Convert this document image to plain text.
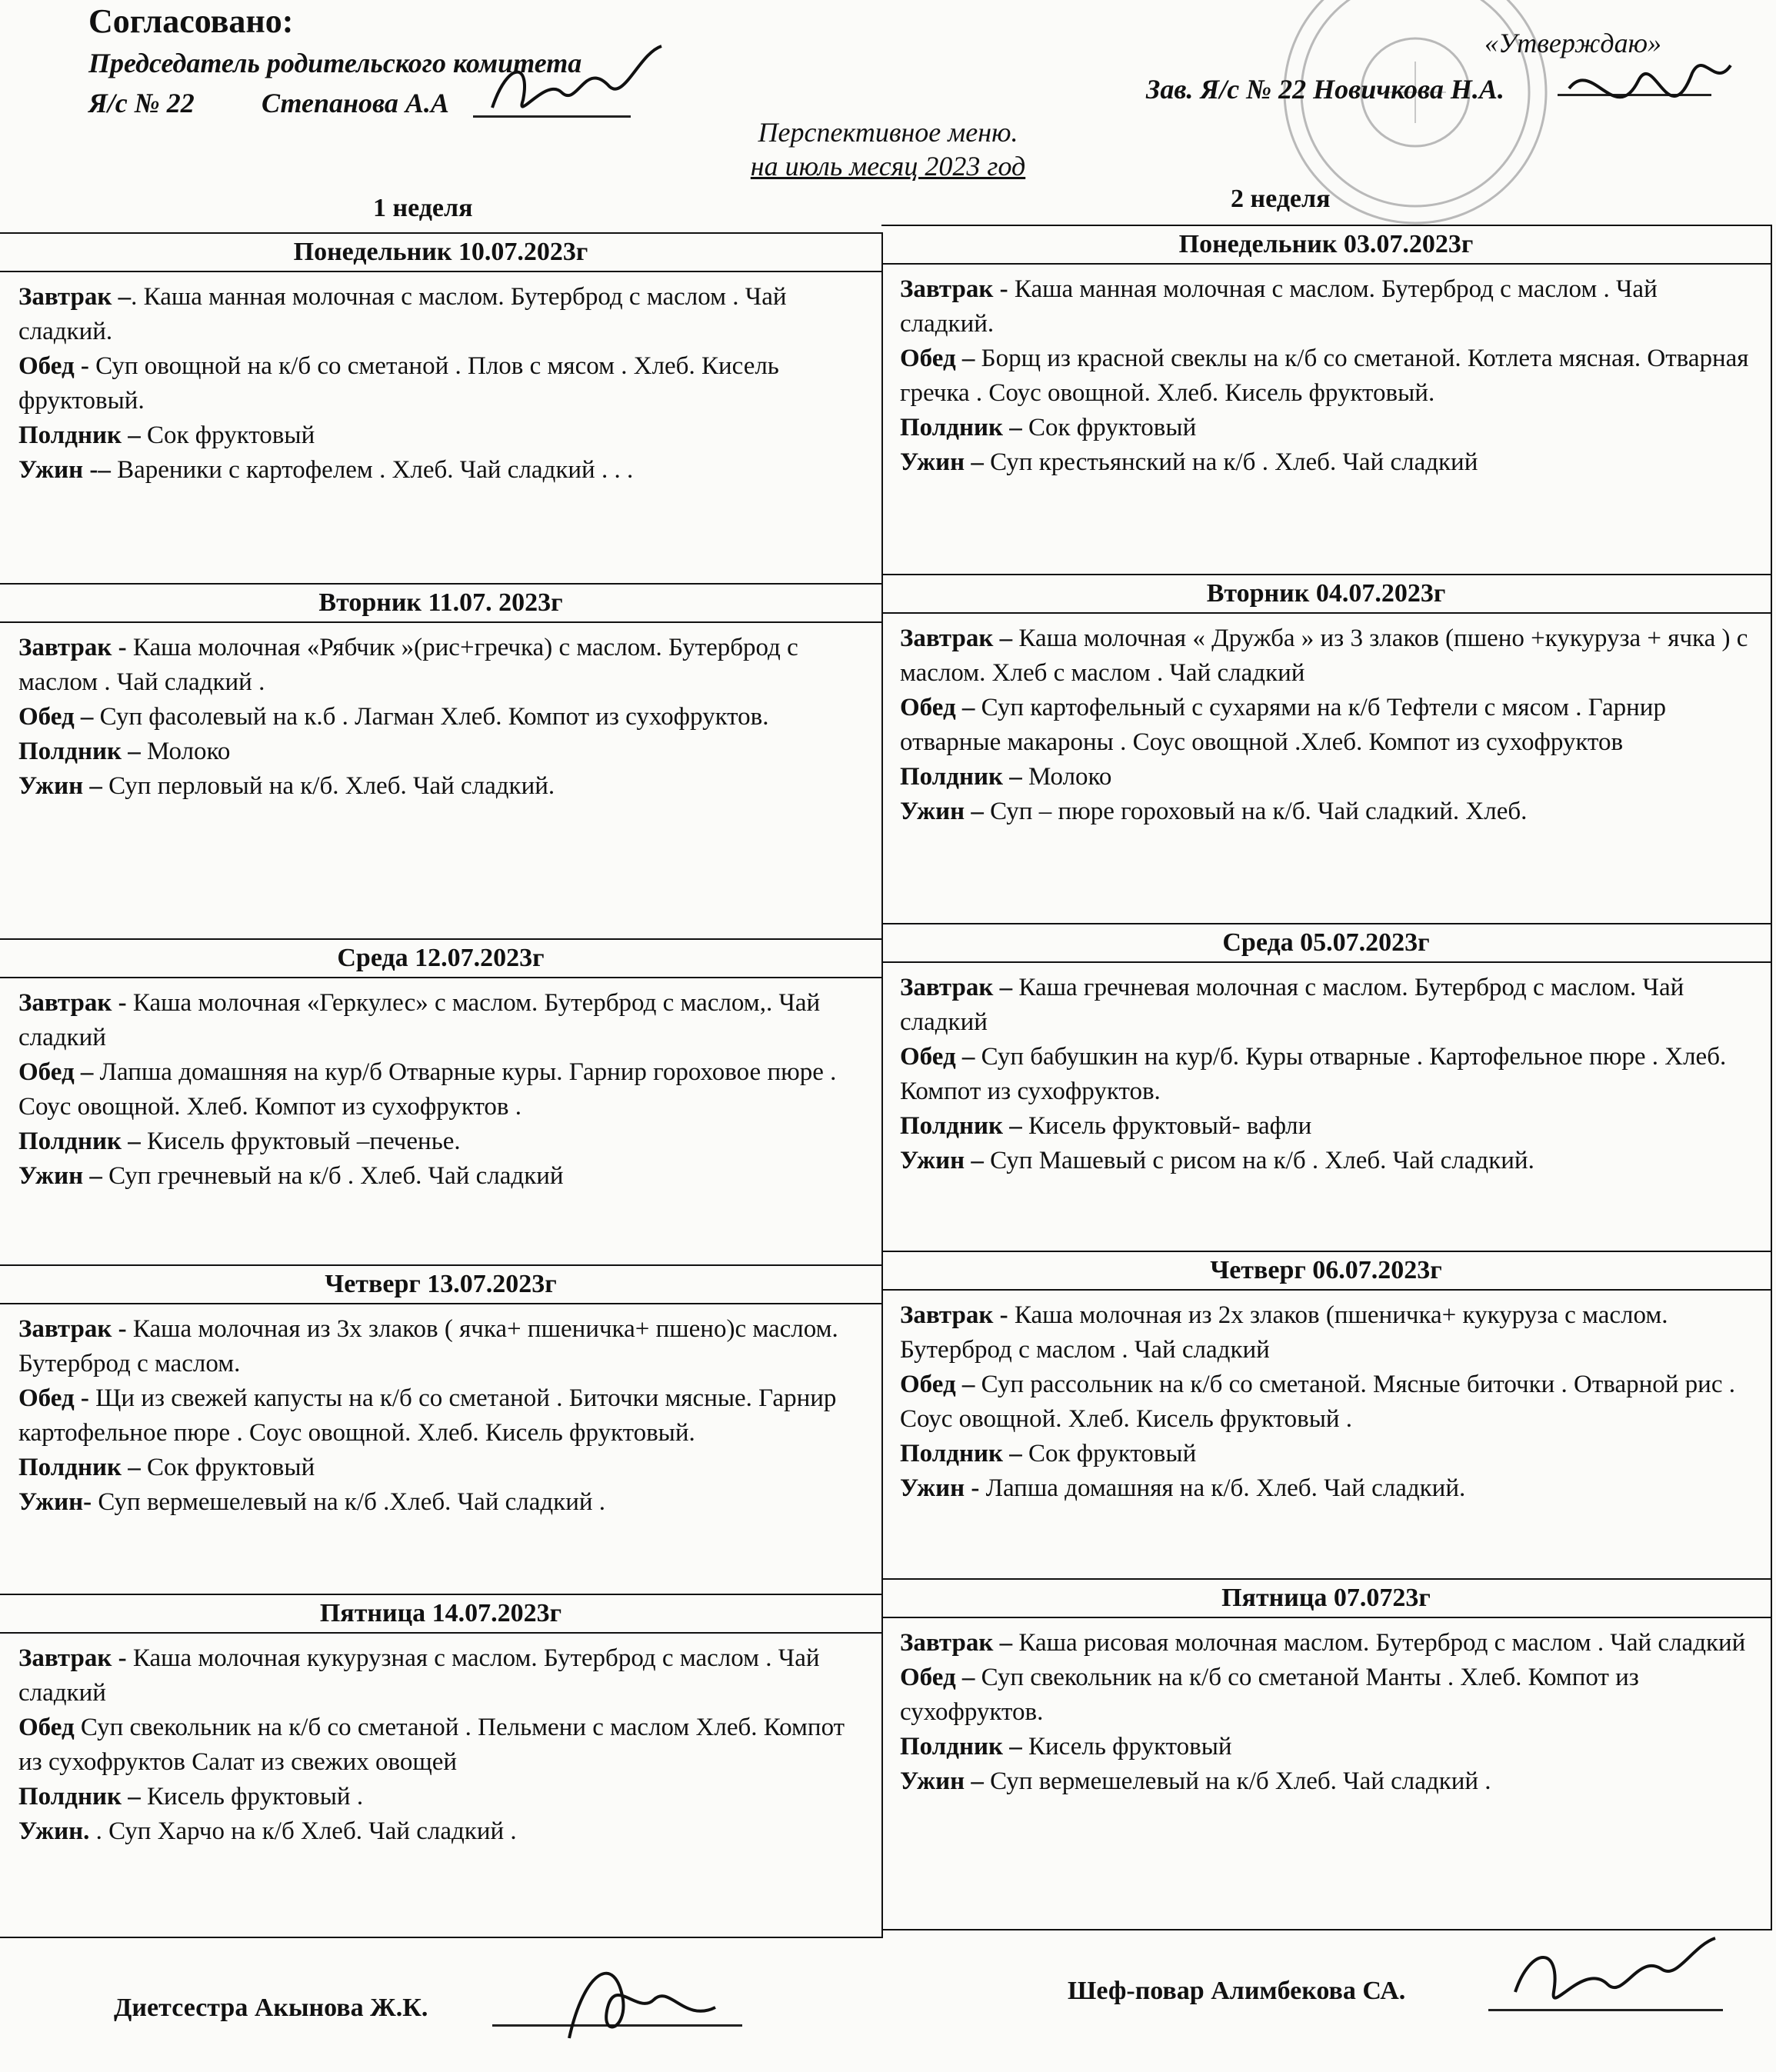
Согласовано:
Председатель родительского комитета
Я/с № 22 Степанова А.А
«Утверждаю»
Зав. Я/с № 22 Новичкова Н.А.
Перспективное меню.
на июль месяц 2023 год
1 неделя	2 неделя
Понедельник 10.07.2023г

Завтрак –. Каша манная молочная с маслом. Бутерброд с маслом . Чай сладкий.

Обед - Суп овощной на к/б со сметаной . Плов с мясом . Хлеб. Кисель фруктовый.

Полдник – Сок фруктовый

Ужин -– Вареники с картофелем . Хлеб. Чай сладкий . . .

Вторник 11.07. 2023г

Завтрак - Каша молочная «Рябчик »(рис+гречка) с маслом. Бутерброд с маслом . Чай сладкий .

Обед – Суп фасолевый на к.б . Лагман Хлеб. Компот из сухофруктов.

Полдник – Молоко

Ужин – Суп перловый на к/б. Хлеб. Чай сладкий.

Среда 12.07.2023г

Завтрак - Каша молочная «Геркулес» с маслом. Бутерброд с маслом,. Чай сладкий

Обед – Лапша домашняя на кур/б Отварные куры. Гарнир гороховое пюре . Соус овощной. Хлеб. Компот из сухофруктов .

Полдник – Кисель фруктовый –печенье.

Ужин – Суп гречневый на к/б . Хлеб. Чай сладкий

Четверг 13.07.2023г

Завтрак - Каша молочная из 3х злаков ( ячка+ пшеничка+ пшено)с маслом. Бутерброд с маслом.

Обед - Щи из свежей капусты на к/б со сметаной . Биточки мясные. Гарнир картофельное пюре . Соус овощной. Хлеб. Кисель фруктовый.

Полдник – Сок фруктовый

Ужин- Суп вермешелевый на к/б .Хлеб. Чай сладкий .

Пятница 14.07.2023г

Завтрак - Каша молочная кукурузная с маслом. Бутерброд с маслом . Чай сладкий

Обед Суп свекольник на к/б со сметаной . Пельмени с маслом Хлеб. Компот из сухофруктов Салат из свежих овощей

Полдник – Кисель фруктовый .

Ужин. . Суп Харчо на к/б Хлеб. Чай сладкий .

Понедельник 03.07.2023г

Завтрак - Каша манная молочная с маслом. Бутерброд с маслом . Чай сладкий.

Обед – Борщ из красной свеклы на к/б со сметаной. Котлета мясная. Отварная гречка . Соус овощной. Хлеб. Кисель фруктовый.

Полдник – Сок фруктовый

Ужин – Суп крестьянский на к/б . Хлеб. Чай сладкий

Вторник 04.07.2023г

Завтрак – Каша молочная « Дружба » из 3 злаков (пшено +кукуруза + ячка ) с маслом. Хлеб с маслом . Чай сладкий

Обед – Суп картофельный с сухарями на к/б Тефтели с мясом . Гарнир отварные макароны . Соус овощной .Хлеб. Компот из сухофруктов

Полдник – Молоко

Ужин – Суп – пюре гороховый на к/б. Чай сладкий. Хлеб.

Среда 05.07.2023г

Завтрак – Каша гречневая молочная с маслом. Бутерброд с маслом. Чай сладкий

Обед – Суп бабушкин на кур/б. Куры отварные . Картофельное пюре . Хлеб. Компот из сухофруктов.

Полдник – Кисель фруктовый- вафли

Ужин – Суп Машевый с рисом на к/б . Хлеб. Чай сладкий.

Четверг 06.07.2023г

Завтрак - Каша молочная из 2х злаков (пшеничка+ кукуруза с маслом. Бутерброд с маслом . Чай сладкий

Обед – Суп рассольник на к/б со сметаной. Мясные биточки . Отварной рис . Соус овощной. Хлеб. Кисель фруктовый .

Полдник – Сок фруктовый

Ужин - Лапша домашняя на к/б. Хлеб. Чай сладкий.

Пятница 07.0723г

Завтрак – Каша рисовая молочная маслом. Бутерброд с маслом . Чай сладкий

Обед – Суп свекольник на к/б со сметаной Манты . Хлеб. Компот из сухофруктов.

Полдник – Кисель фруктовый

Ужин – Суп вермешелевый на к/б Хлеб. Чай сладкий .

Диетсестра Акынова Ж.К.
Шеф-повар Алимбекова СА.
